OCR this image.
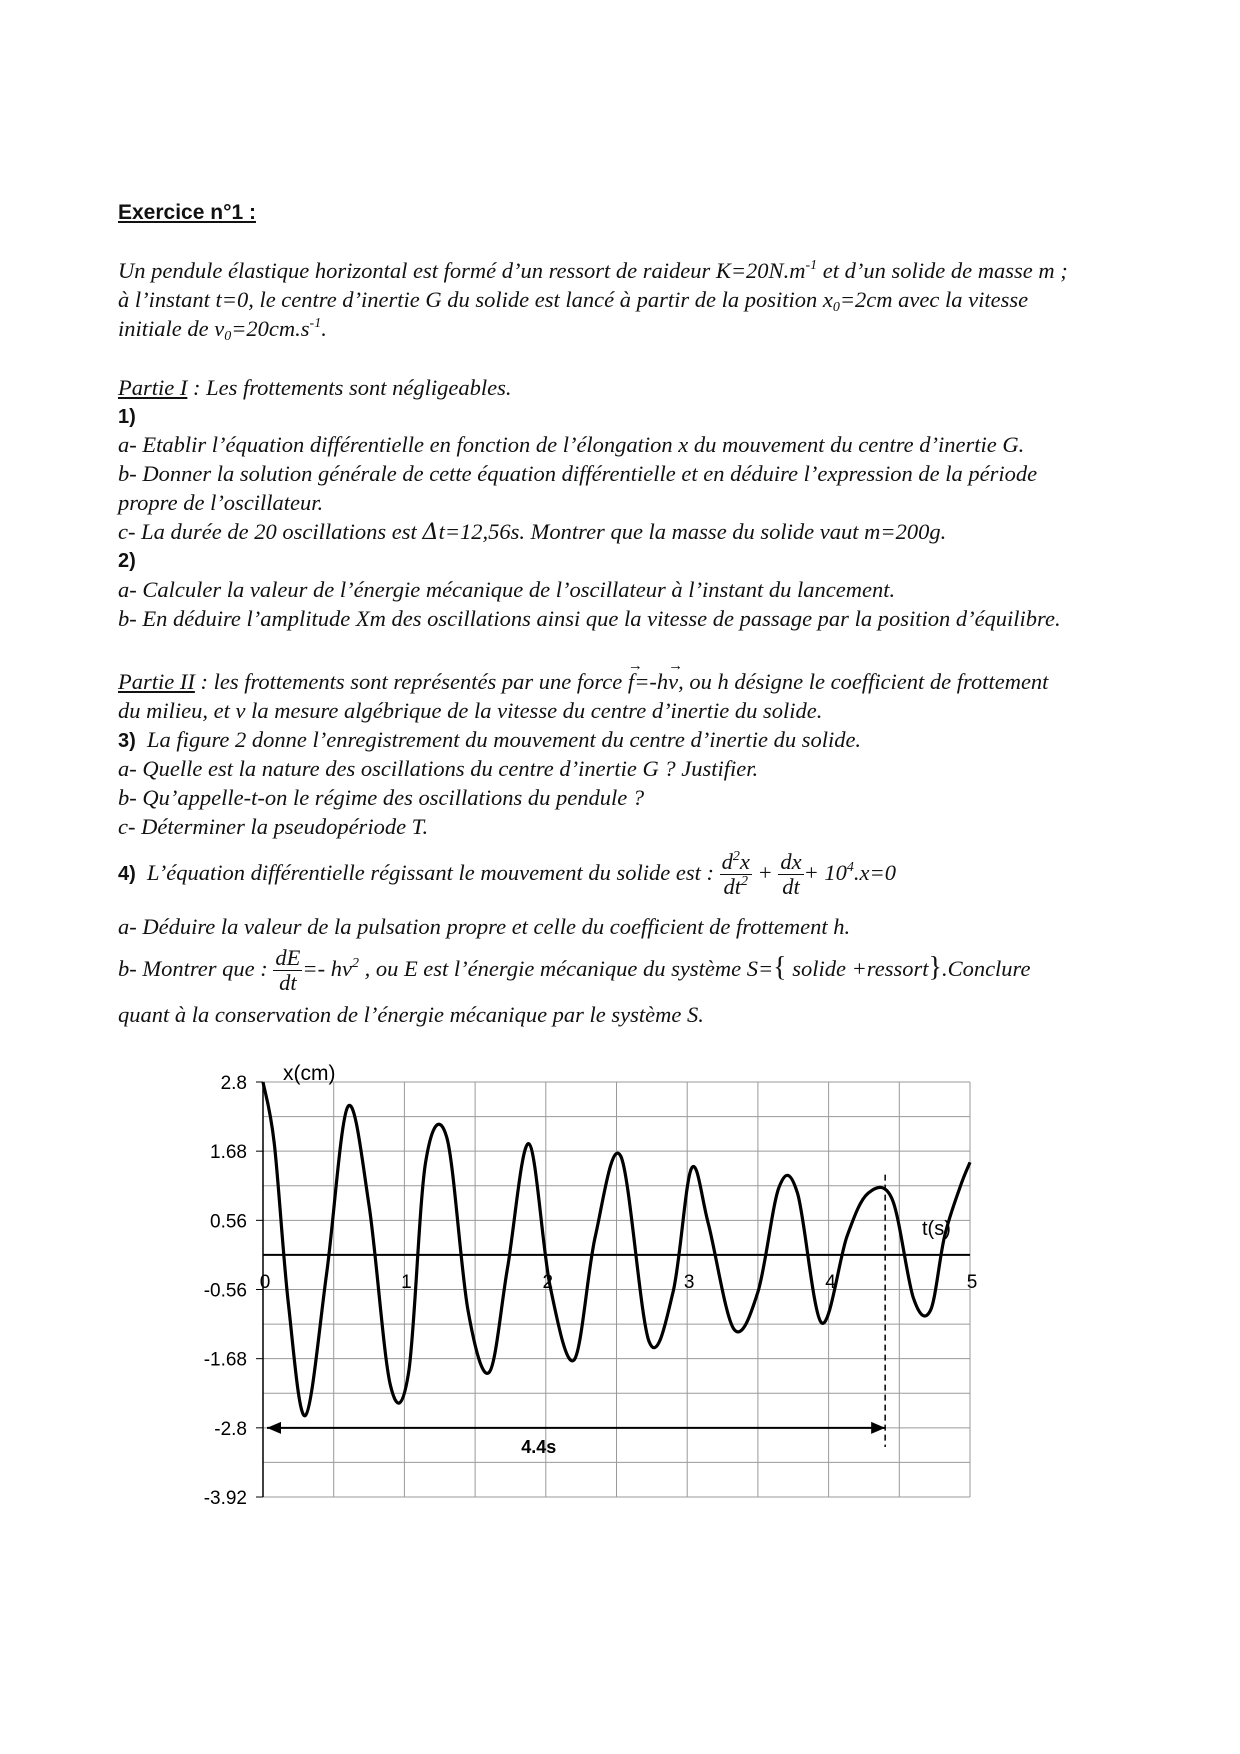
Exercice n°1 :
Un pendule élastique horizontal est formé d’un ressort de raideur $K=20N.m^{-1}$ et d’un solide de masse m ;
à l’instant t=0, le centre d’inertie G du solide est lancé à partir de la position $x_0=2cm$ avec la vitesse
initiale de $v_0=20cm.s^{-1}$.
Partie I : Les frottements sont négligeables.
1)
a- Etablir l’équation différentielle en fonction de l’élongation x du mouvement du centre d’inertie G.
b- Donner la solution générale de cette équation différentielle et en déduire l’expression de la période
propre de l’oscillateur.
c- La durée de 20 oscillations est Δt=12,56s. Montrer que la masse du solide vaut m=200g.
2)
a- Calculer la valeur de l’énergie mécanique de l’oscillateur à l’instant du lancement.
b- En déduire l’amplitude Xm des oscillations ainsi que la vitesse de passage par la position d’équilibre.
Partie II : les frottements sont représentés par une force
→
f=-h
→
v, ou h désigne le coefficient de frottement
du milieu, et v la mesure algébrique de la vitesse du centre d’inertie du solide.
3) La figure 2 donne l’enregistrement du mouvement du centre d’inertie du solide.
a- Quelle est la nature des oscillations du centre d’inertie G ? Justifier.
b- Qu’appelle-t-on le régime des oscillations du pendule ?
c- Déterminer la pseudopériode T.
4) L’équation différentielle régissant le mouvement du solide est : $\frac{d^2x}{dt^2} + \frac{dx}{dt} + 10^4.x=0$
a- Déduire la valeur de la pulsation propre et celle du coefficient de frottement h.
b- Montrer que : $\frac{dE}{dt} =- hv^2$ , ou E est l’énergie mécanique du système S={ solide +ressort}.Conclure
quant à la conservation de l’énergie mécanique par le système S.
2.8
1.68
0.56
-0.56
-1.68
-2.8
-3.92
0	1	2	3	4	5
x(cm)
t(s)
4.4s
